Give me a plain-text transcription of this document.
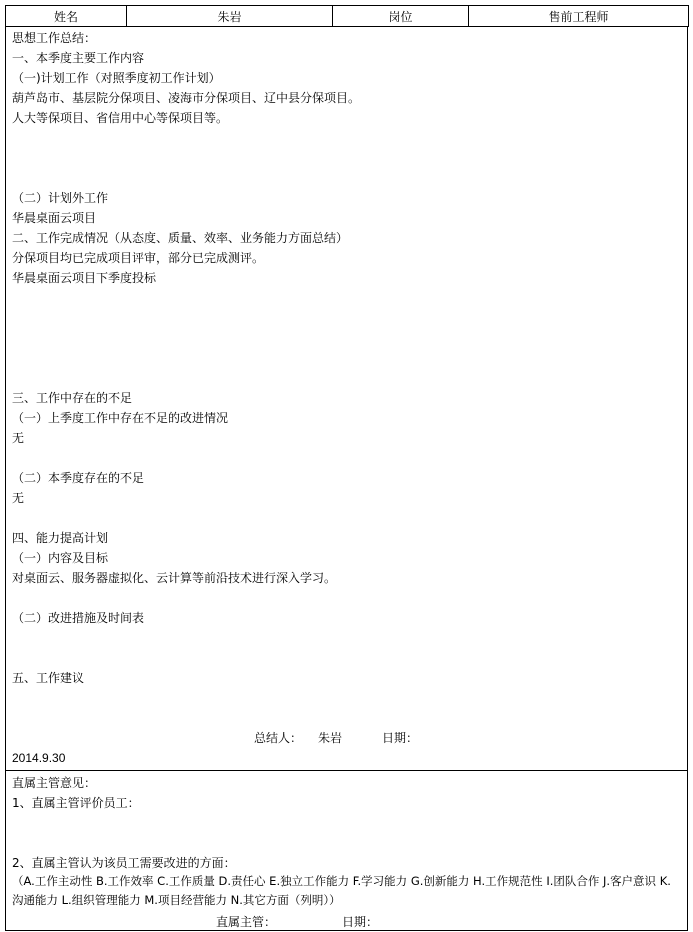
姓名	朱岩	岗位	售前工程师
思想工作总结：
一、本季度主要工作内容
（一)计划工作（对照季度初工作计划）
葫芦岛市、基层院分保项目、凌海市分保项目、辽中县分保项目。
人大等保项目、省信用中心等保项目等。
（二）计划外工作
华晨桌面云项目
二、工作完成情况（从态度、质量、效率、业务能力方面总结）
分保项目均已完成项目评审，部分已完成测评。
华晨桌面云项目下季度投标
三、工作中存在的不足
（一）上季度工作中存在不足的改进情况
无
（二）本季度存在的不足
无
四、能力提高计划
（一）内容及目标
对桌面云、服务器虚拟化、云计算等前沿技术进行深入学习。
（二）改进措施及时间表
五、工作建议
总结人： 朱岩	日期：
2014.9.30
直属主管意见：
1、直属主管评价员工：
2、直属主管认为该员工需要改进的方面：
（A.工作主动性 B.工作效率 C.工作质量 D.责任心 E.独立工作能力 F.学习能力 G.创新能力 H.工作规范性 I.团队合作 J.客户意识 K.沟通能力 L.组织管理能力 M.项目经营能力 N.其它方面（列明））
直属主管：	日期：
